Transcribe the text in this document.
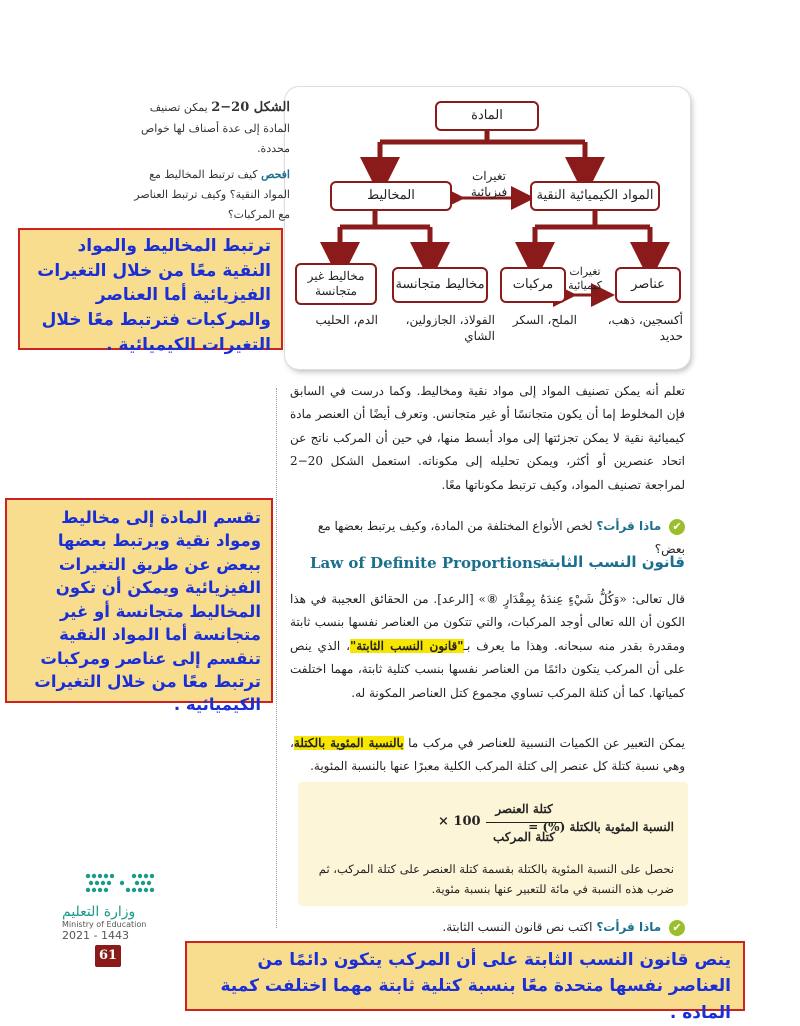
المادة
المواد الكيميائية النقية
المخاليط
عناصر
مركبات
مخاليط متجانسة
مخاليط غير متجانسة
تغيرات فيزيائية
تغيرات كيميائية
أكسجين، ذهب، حديد
الملح، السكر
الفولاذ، الجازولين، الشاي
الدم، الحليب
الشكل 20−2 يمكن تصنيف المادة إلى عدة أصناف لها خواص محددة.
افحص كيف ترتبط المخاليط مع المواد النقية؟ وكيف ترتبط العناصر مع المركبات؟
ترتبط المخاليط والمواد النقية معًا من خلال التغيرات الفيزيائية أما العناصر والمركبات فترتبط معًا خلال التغيرات الكيميائية .
تعلم أنه يمكن تصنيف المواد إلى مواد نقية ومخاليط. وكما درست في السابق فإن المخلوط إما أن يكون متجانسًا أو غير متجانس. وتعرف أيضًا أن العنصر مادة كيميائية نقية لا يمكن تجزئتها إلى مواد أبسط منها، في حين أن المركب ناتج عن اتحاد عنصرين أو أكثر، ويمكن تحليله إلى مكوناته. استعمل الشكل 20−2 لمراجعة تصنيف المواد، وكيف ترتبط مكوناتها معًا.
✔ ماذا قرأت؟ لخص الأنواع المختلفة من المادة، وكيف يرتبط بعضها مع بعض؟
قانون النسب الثابتة
Law of Definite Proportions
قال تعالى: «وَكُلُّ شَيْءٍ عِندَهُ بِمِقْدَارٍ ⑧» [الرعد]. من الحقائق العجيبة في هذا الكون أن الله تعالى أوجد المركبات، والتي تتكون من العناصر نفسها بنسب ثابتة ومقدرة بقدر منه سبحانه. وهذا ما يعرف بـ"قانون النسب الثابتة"، الذي ينص على أن المركب يتكون دائمًا من العناصر نفسها بنسب كتلية ثابتة، مهما اختلفت كمياتها. كما أن كتلة المركب تساوي مجموع كتل العناصر المكونة له.
يمكن التعبير عن الكميات النسبية للعناصر في مركب ما بالنسبة المئوية بالكتلة، وهي نسبة كتلة كل عنصر إلى كتلة المركب الكلية معبرًا عنها بالنسبة المئوية.
النسبة المئوية بالكتلة (%) =
كتلة العنصر
كتلة المركب
× 100
نحصل على النسبة المئوية بالكتلة بقسمة كتلة العنصر على كتلة المركب، ثم ضرب هذه النسبة في مائة للتعبير عنها بنسبة مئوية.
✔ ماذا قرأت؟ اكتب نص قانون النسب الثابتة.
تقسم المادة إلى مخاليط ومواد نقية ويرتبط بعضها ببعض عن طريق التغيرات الفيزيائية ويمكن أن تكون المخاليط متجانسة أو غير متجانسة أما المواد النقية تنقسم إلى عناصر ومركبات ترتبط معًا من خلال التغيرات الكيميائية .
وزارة التعليم
Ministry of Education
2021 - 1443
61	ينص قانون النسب الثابتة على أن المركب يتكون دائمًا من العناصر نفسها متحدة معًا بنسبة كتلية ثابتة مهما اختلفت كمية المادة .
